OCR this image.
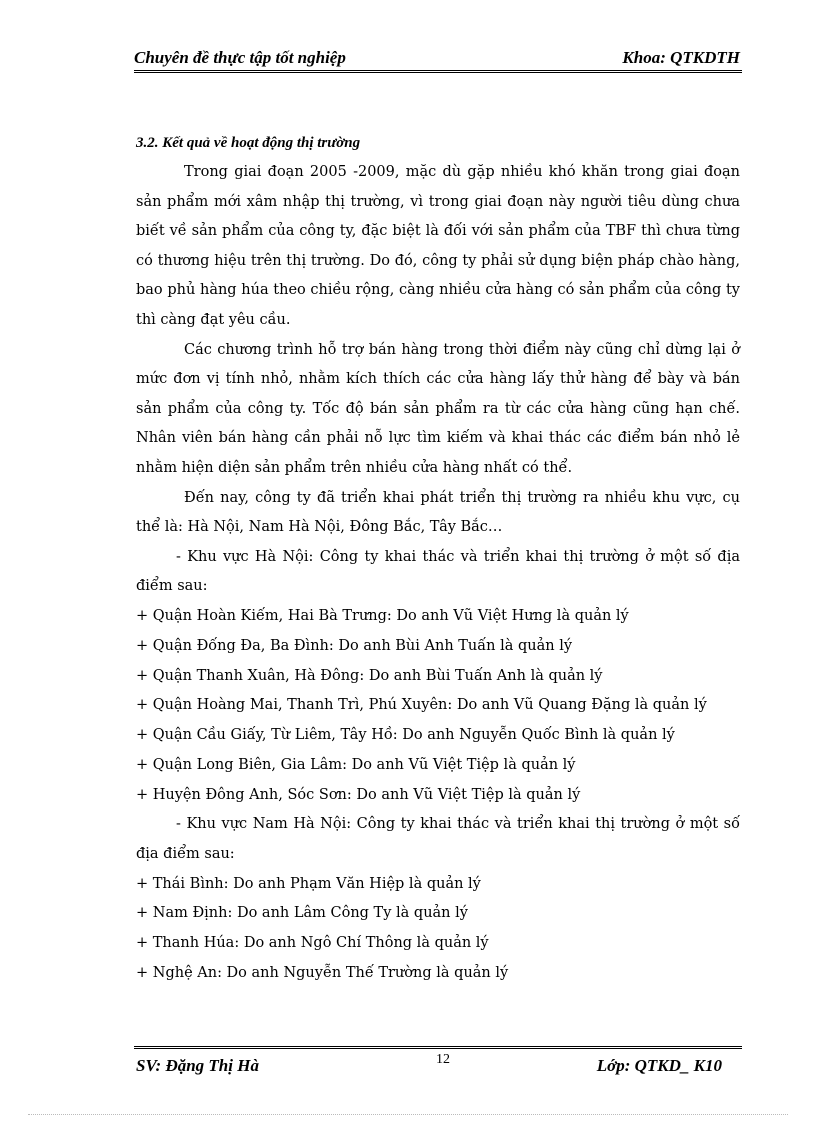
Chuyên đề thực tập tốt nghiệp	Khoa: QTKDTH

3.2. Kết quả về hoạt động thị trường

Trong giai đoạn 2005 -2009, mặc dù gặp nhiều khó khăn trong giai đoạn sản phẩm mới xâm nhập thị trường, vì trong giai đoạn này người tiêu dùng chưa biết về sản phẩm của công ty, đặc biệt là đối với sản phẩm của TBF thì chưa từng có thương hiệu trên thị trường. Do đó, công ty phải sử dụng biện pháp chào hàng, bao phủ hàng húa theo chiều rộng, càng nhiều cửa hàng có sản phẩm của công ty thì càng đạt yêu cầu.

Các chương trình hỗ trợ bán hàng trong thời điểm này cũng chỉ dừng lại ở mức đơn vị tính nhỏ, nhằm kích thích các cửa hàng lấy thử hàng để bày và bán sản phẩm của công ty. Tốc độ bán sản phẩm ra từ các cửa hàng cũng hạn chế. Nhân viên bán hàng cần phải nỗ lực tìm kiếm và khai thác các điểm bán nhỏ lẻ nhằm hiện diện sản phẩm trên nhiều cửa hàng nhất có thể.

Đến nay, công ty đã triển khai phát triển thị trường ra nhiều khu vực, cụ thể là: Hà Nội, Nam Hà Nội, Đông Bắc, Tây Bắc…

- Khu vực Hà Nội: Công ty khai thác và triển khai thị trường ở một số địa điểm sau:

+ Quận Hoàn Kiếm, Hai Bà Trưng: Do anh Vũ Việt Hưng là quản lý

+ Quận Đống Đa, Ba Đình: Do anh Bùi Anh Tuấn là quản lý

+ Quận Thanh Xuân, Hà Đông: Do anh Bùi Tuấn Anh là quản lý

+ Quận Hoàng Mai, Thanh Trì, Phú Xuyên: Do anh Vũ Quang Đặng là quản lý

+ Quận Cầu Giấy, Từ Liêm, Tây Hồ: Do anh Nguyễn Quốc Bình là quản lý

+ Quận Long Biên, Gia Lâm: Do anh Vũ Việt Tiệp là quản lý

+ Huyện Đông Anh, Sóc Sơn: Do anh Vũ Việt Tiệp là quản lý

- Khu vực Nam Hà Nội: Công ty khai thác và triển khai thị trường ở một số địa điểm sau:

+ Thái Bình: Do anh Phạm Văn Hiệp là quản lý

+ Nam Định: Do anh Lâm Công Ty là quản lý

+ Thanh Húa: Do anh Ngô Chí Thông là quản lý

+ Nghệ An: Do anh Nguyễn Thế Trường là quản lý

SV: Đặng Thị Hà	12	Lớp: QTKD_ K10
